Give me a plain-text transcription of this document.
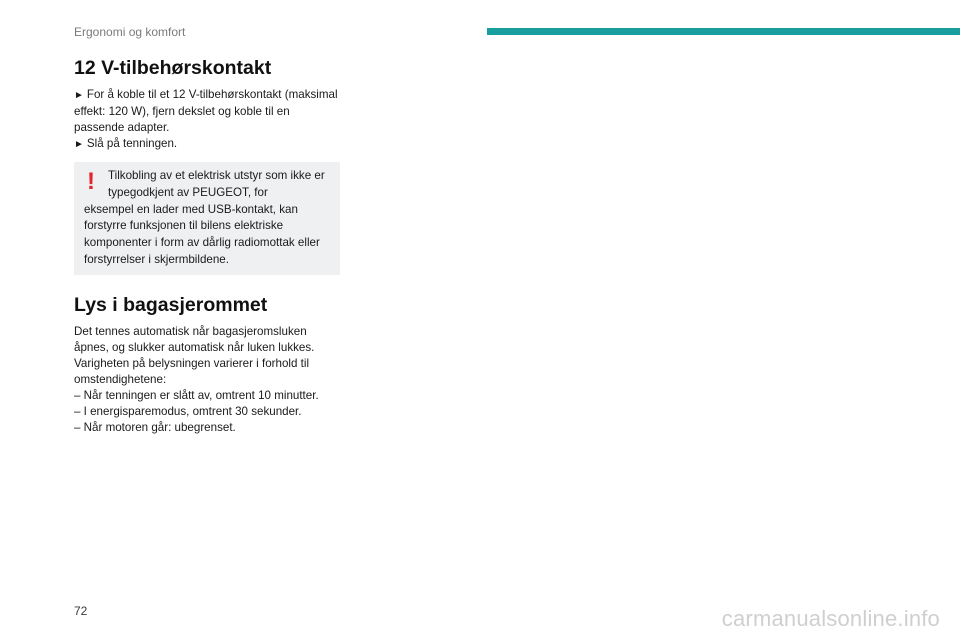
Ergonomi og komfort
12 V-tilbehørskontakt

► For å koble til et 12 V-tilbehørskontakt (maksimal effekt: 120 W), fjern dekslet og koble til en passende adapter.

► Slå på tenningen.

!	Tilkobling av et elektrisk utstyr som ikke er typegodkjent av PEUGEOT, for
eksempel en lader med USB-kontakt, kan forstyrre funksjonen til bilens elektriske komponenter i form av dårlig radiomottak eller forstyrrelser i skjermbildene.
Lys i bagasjerommet

Det tennes automatisk når bagasjeromsluken åpnes, og slukker automatisk når luken lukkes. Varigheten på belysningen varierer i forhold til omstendighetene:

– Når tenningen er slått av, omtrent 10 minutter.
– I energisparemodus, omtrent 30 sekunder.
– Når motoren går: ubegrenset.

72	carmanualsonline.info
